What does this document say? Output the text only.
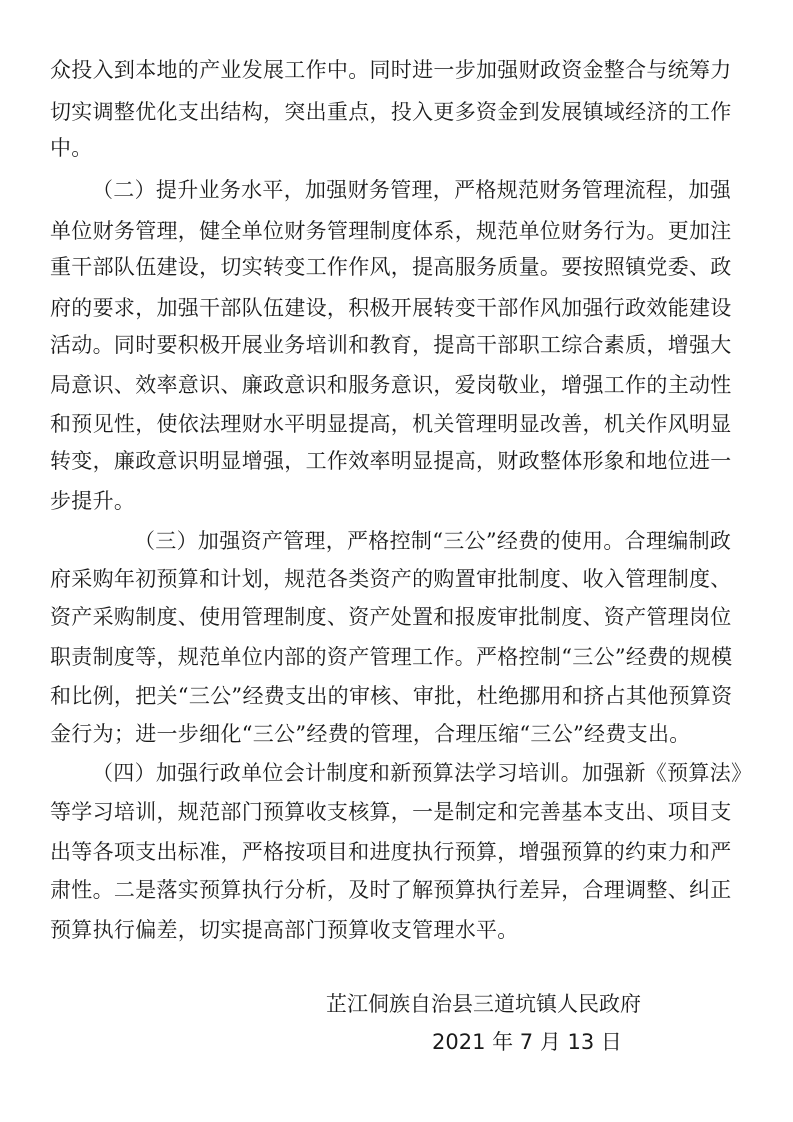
众投入到本地的产业发展工作中。同时进一步加强财政资金整合与统筹力
切实调整优化支出结构，突出重点，投入更多资金到发展镇域经济的工作
中。
（二）提升业务水平，加强财务管理，严格规范财务管理流程，加强
单位财务管理，健全单位财务管理制度体系，规范单位财务行为。更加注
重干部队伍建设，切实转变工作作风，提高服务质量。要按照镇党委、政
府的要求，加强干部队伍建设，积极开展转变干部作风加强行政效能建设
活动。同时要积极开展业务培训和教育，提高干部职工综合素质，增强大
局意识、效率意识、廉政意识和服务意识，爱岗敬业，增强工作的主动性
和预见性，使依法理财水平明显提高，机关管理明显改善，机关作风明显
转变，廉政意识明显增强，工作效率明显提高，财政整体形象和地位进一
步提升。
（三）加强资产管理，严格控制“三公”经费的使用。合理编制政
府采购年初预算和计划，规范各类资产的购置审批制度、收入管理制度、
资产采购制度、使用管理制度、资产处置和报废审批制度、资产管理岗位
职责制度等，规范单位内部的资产管理工作。严格控制“三公”经费的规模
和比例，把关“三公”经费支出的审核、审批，杜绝挪用和挤占其他预算资
金行为；进一步细化“三公”经费的管理，合理压缩“三公”经费支出。
（四）加强行政单位会计制度和新预算法学习培训。加强新《预算法》
等学习培训，规范部门预算收支核算，一是制定和完善基本支出、项目支
出等各项支出标准，严格按项目和进度执行预算，增强预算的约束力和严
肃性。二是落实预算执行分析，及时了解预算执行差异，合理调整、纠正
预算执行偏差，切实提高部门预算收支管理水平。
芷江侗族自治县三道坑镇人民政府
2021 年 7 月 13 日
